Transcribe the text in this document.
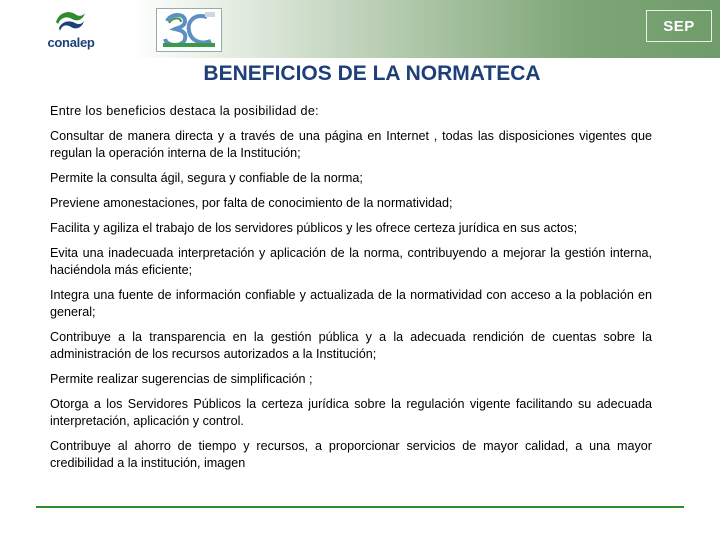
conalep
SEP
BENEFICIOS DE LA NORMATECA
Entre los beneficios destaca la posibilidad de:
Consultar de manera directa y a través de una página en Internet , todas las disposiciones vigentes que regulan la operación interna de la Institución;
Permite la consulta ágil, segura y confiable de la norma;
Previene amonestaciones, por falta de conocimiento de la normatividad;
Facilita y agiliza el trabajo de los servidores públicos y les ofrece certeza jurídica en sus actos;
Evita una inadecuada interpretación y aplicación de la norma, contribuyendo a mejorar la gestión interna, haciéndola más eficiente;
Integra una fuente de información confiable y actualizada de la normatividad con acceso a la población en general;
Contribuye a la transparencia en la gestión pública y a la adecuada rendición de cuentas sobre la administración de los recursos autorizados a la Institución;
Permite realizar sugerencias de simplificación ;
Otorga a los Servidores Públicos la certeza jurídica sobre la regulación vigente facilitando su adecuada interpretación, aplicación y control.
Contribuye al ahorro de tiempo y recursos, a proporcionar servicios de mayor calidad, a una mayor credibilidad a la institución, imagen
